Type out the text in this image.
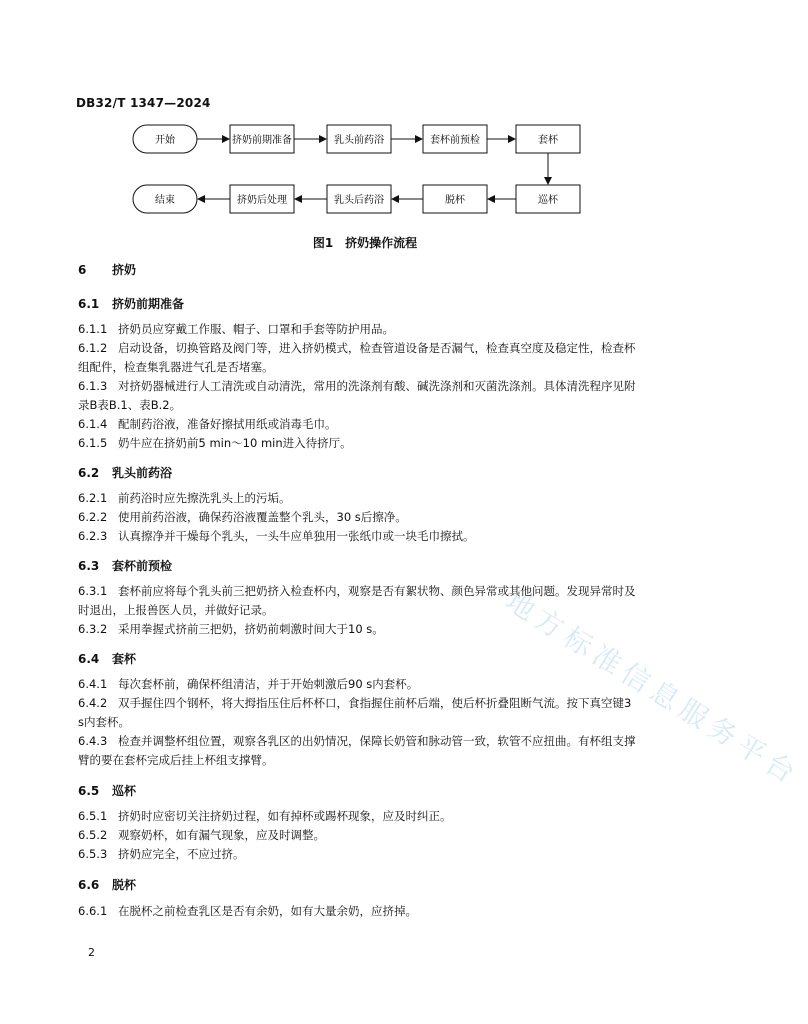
DB32/T 1347—2024
开始	挤奶前期准备	乳头前药浴	套杯前预检	套杯
巡杯
脱杯
乳头后药浴
挤奶后处理
结束
图1　挤奶操作流程
地方标准信息服务平台
6 挤奶
6.1 挤奶前期准备
6.1.1 挤奶员应穿戴工作服、帽子、口罩和手套等防护用品。
6.1.2 启动设备，切换管路及阀门等，进入挤奶模式，检查管道设备是否漏气，检查真空度及稳定性，检查杯组配件，检查集乳器进气孔是否堵塞。
6.1.3 对挤奶器械进行人工清洗或自动清洗，常用的洗涤剂有酸、碱洗涤剂和灭菌洗涤剂。具体清洗程序见附录B表B.1、表B.2。
6.1.4 配制药浴液，准备好擦拭用纸或消毒毛巾。
6.1.5 奶牛应在挤奶前5 min～10 min进入待挤厅。
6.2 乳头前药浴
6.2.1 前药浴时应先擦洗乳头上的污垢。
6.2.2 使用前药浴液，确保药浴液覆盖整个乳头，30 s后擦净。
6.2.3 认真擦净并干燥每个乳头，一头牛应单独用一张纸巾或一块毛巾擦拭。
6.3 套杯前预检
6.3.1 套杯前应将每个乳头前三把奶挤入检查杯内，观察是否有絮状物、颜色异常或其他问题。发现异常时及时退出，上报兽医人员，并做好记录。
6.3.2 采用拳握式挤前三把奶，挤奶前刺激时间大于10 s。
6.4 套杯
6.4.1 每次套杯前，确保杯组清洁，并于开始刺激后90 s内套杯。
6.4.2 双手握住四个钢杯，将大拇指压住后杯杯口，食指握住前杯后端，使后杯折叠阻断气流。按下真空键3 s内套杯。
6.4.3 检查并调整杯组位置，观察各乳区的出奶情况，保障长奶管和脉动管一致，软管不应扭曲。有杯组支撑臂的要在套杯完成后挂上杯组支撑臂。
6.5 巡杯
6.5.1 挤奶时应密切关注挤奶过程，如有掉杯或踢杯现象，应及时纠正。
6.5.2 观察奶杯，如有漏气现象，应及时调整。
6.5.3 挤奶应完全，不应过挤。
6.6 脱杯
6.6.1 在脱杯之前检查乳区是否有余奶，如有大量余奶，应挤掉。
2
